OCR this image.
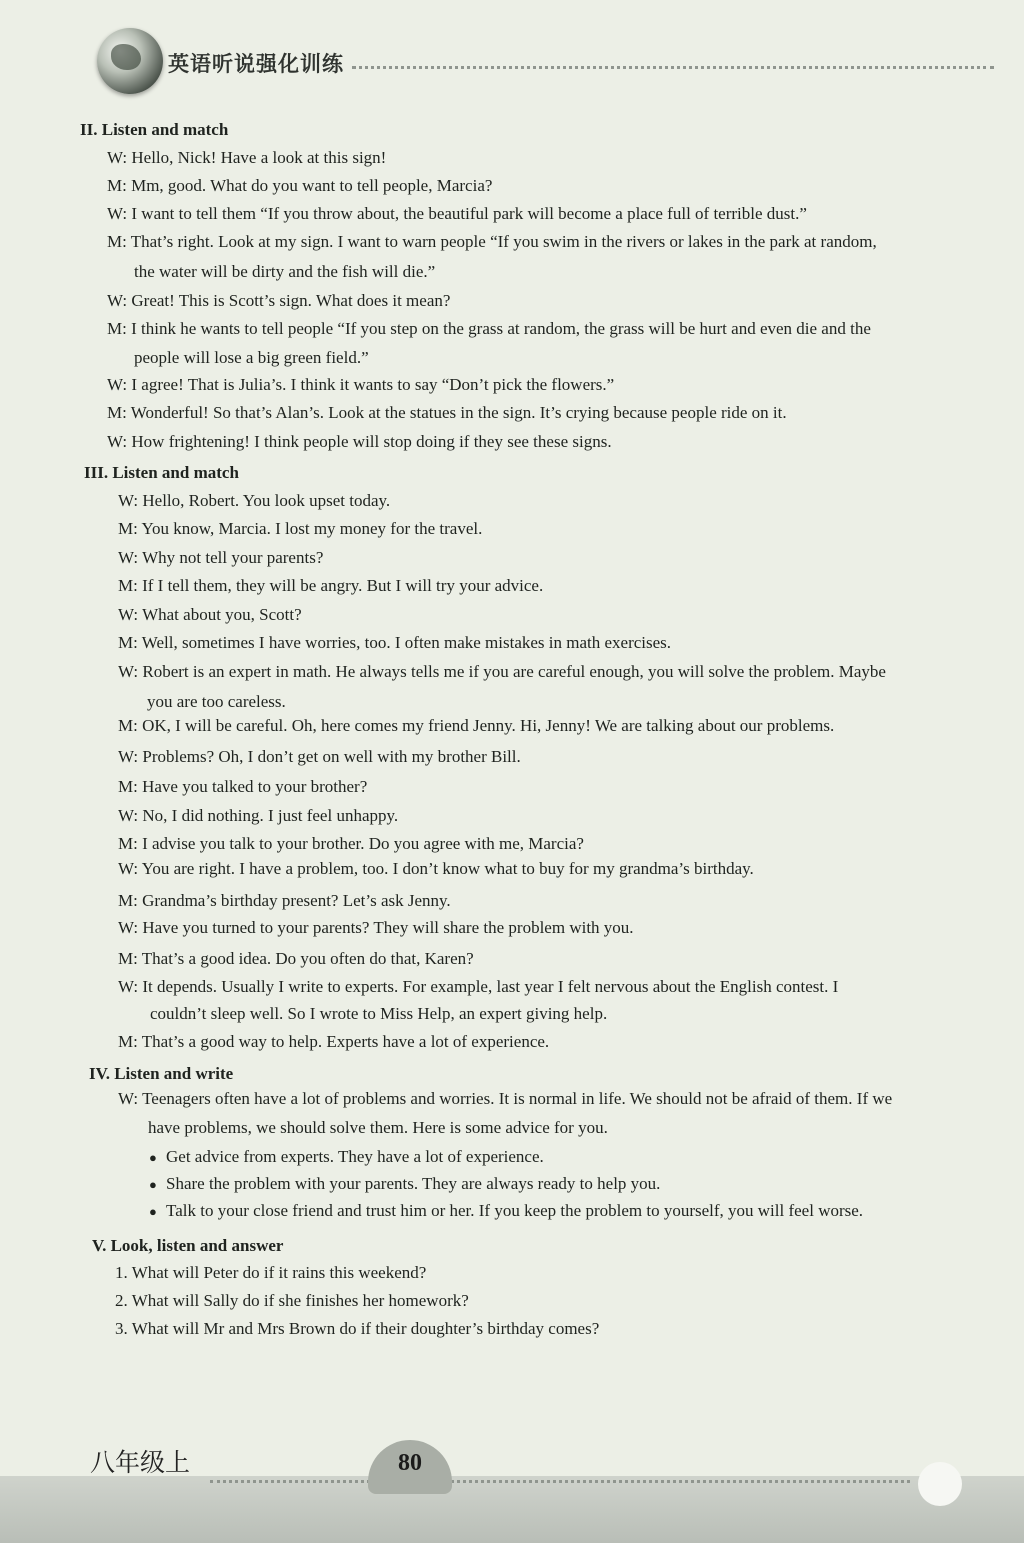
英语听说强化训练
II. Listen and match
W: Hello, Nick! Have a look at this sign!
M: Mm, good. What do you want to tell people, Marcia?
W: I want to tell them “If you throw about, the beautiful park will become a place full of terrible dust.”
M: That’s right. Look at my sign. I want to warn people “If you swim in the rivers or lakes in the park at random,
the water will be dirty and the fish will die.”
W: Great! This is Scott’s sign. What does it mean?
M: I think he wants to tell people “If you step on the grass at random, the grass will be hurt and even die and the
people will lose a big green field.”
W: I agree! That is Julia’s. I think it wants to say “Don’t pick the flowers.”
M: Wonderful! So that’s Alan’s. Look at the statues in the sign. It’s crying because people ride on it.
W: How frightening! I think people will stop doing if they see these signs.
III. Listen and match
W: Hello, Robert. You look upset today.
M: You know, Marcia. I lost my money for the travel.
W: Why not tell your parents?
M: If I tell them, they will be angry. But I will try your advice.
W: What about you, Scott?
M: Well, sometimes I have worries, too. I often make mistakes in math exercises.
W: Robert is an expert in math. He always tells me if you are careful enough, you will solve the problem. Maybe
you are too careless.
M: OK, I will be careful. Oh, here comes my friend Jenny. Hi, Jenny! We are talking about our problems.
W: Problems? Oh, I don’t get on well with my brother Bill.
M: Have you talked to your brother?
W: No, I did nothing. I just feel unhappy.
M: I advise you talk to your brother. Do you agree with me, Marcia?
W: You are right. I have a problem, too. I don’t know what to buy for my grandma’s birthday.
M: Grandma’s birthday present? Let’s ask Jenny.
W: Have you turned to your parents? They will share the problem with you.
M: That’s a good idea. Do you often do that, Karen?
W: It depends. Usually I write to experts. For example, last year I felt nervous about the English contest. I
couldn’t sleep well. So I wrote to Miss Help, an expert giving help.
M: That’s a good way to help. Experts have a lot of experience.
IV. Listen and write
W: Teenagers often have a lot of problems and worries. It is normal in life. We should not be afraid of them. If we
have problems, we should solve them. Here is some advice for you.
● Get advice from experts. They have a lot of experience.
● Share the problem with your parents. They are always ready to help you.
● Talk to your close friend and trust him or her. If you keep the problem to yourself, you will feel worse.
V. Look, listen and answer
1. What will Peter do if it rains this weekend?
2. What will Sally do if she finishes her homework?
3. What will Mr and Mrs Brown do if their doughter’s birthday comes?
八年级上	80
